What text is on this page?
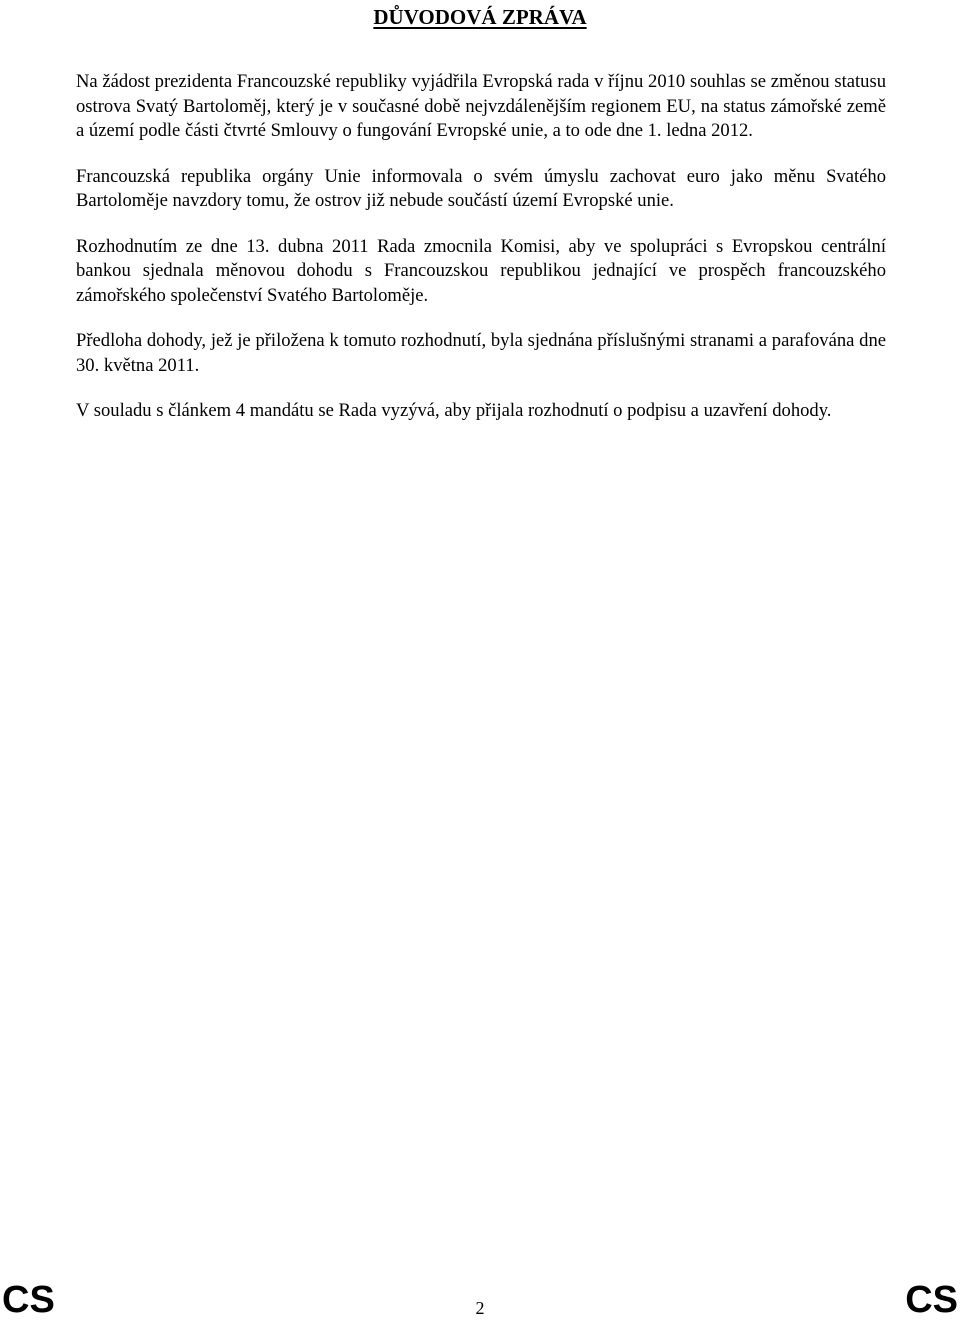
DŮVODOVÁ ZPRÁVA

Na žádost prezidenta Francouzské republiky vyjádřila Evropská rada v říjnu 2010 souhlas se změnou statusu ostrova Svatý Bartoloměj, který je v současné době nejvzdálenějším regionem EU, na status zámořské země a území podle části čtvrté Smlouvy o fungování Evropské unie, a to ode dne 1. ledna 2012.

Francouzská republika orgány Unie informovala o svém úmyslu zachovat euro jako měnu Svatého Bartoloměje navzdory tomu, že ostrov již nebude součástí území Evropské unie.

Rozhodnutím ze dne 13. dubna 2011 Rada zmocnila Komisi, aby ve spolupráci s Evropskou centrální bankou sjednala měnovou dohodu s Francouzskou republikou jednající ve prospěch francouzského zámořského společenství Svatého Bartoloměje.

Předloha dohody, jež je přiložena k tomuto rozhodnutí, byla sjednána příslušnými stranami a parafována dne 30. května 2011.

V souladu s článkem 4 mandátu se Rada vyzývá, aby přijala rozhodnutí o podpisu a uzavření dohody.

CS	2	CS
